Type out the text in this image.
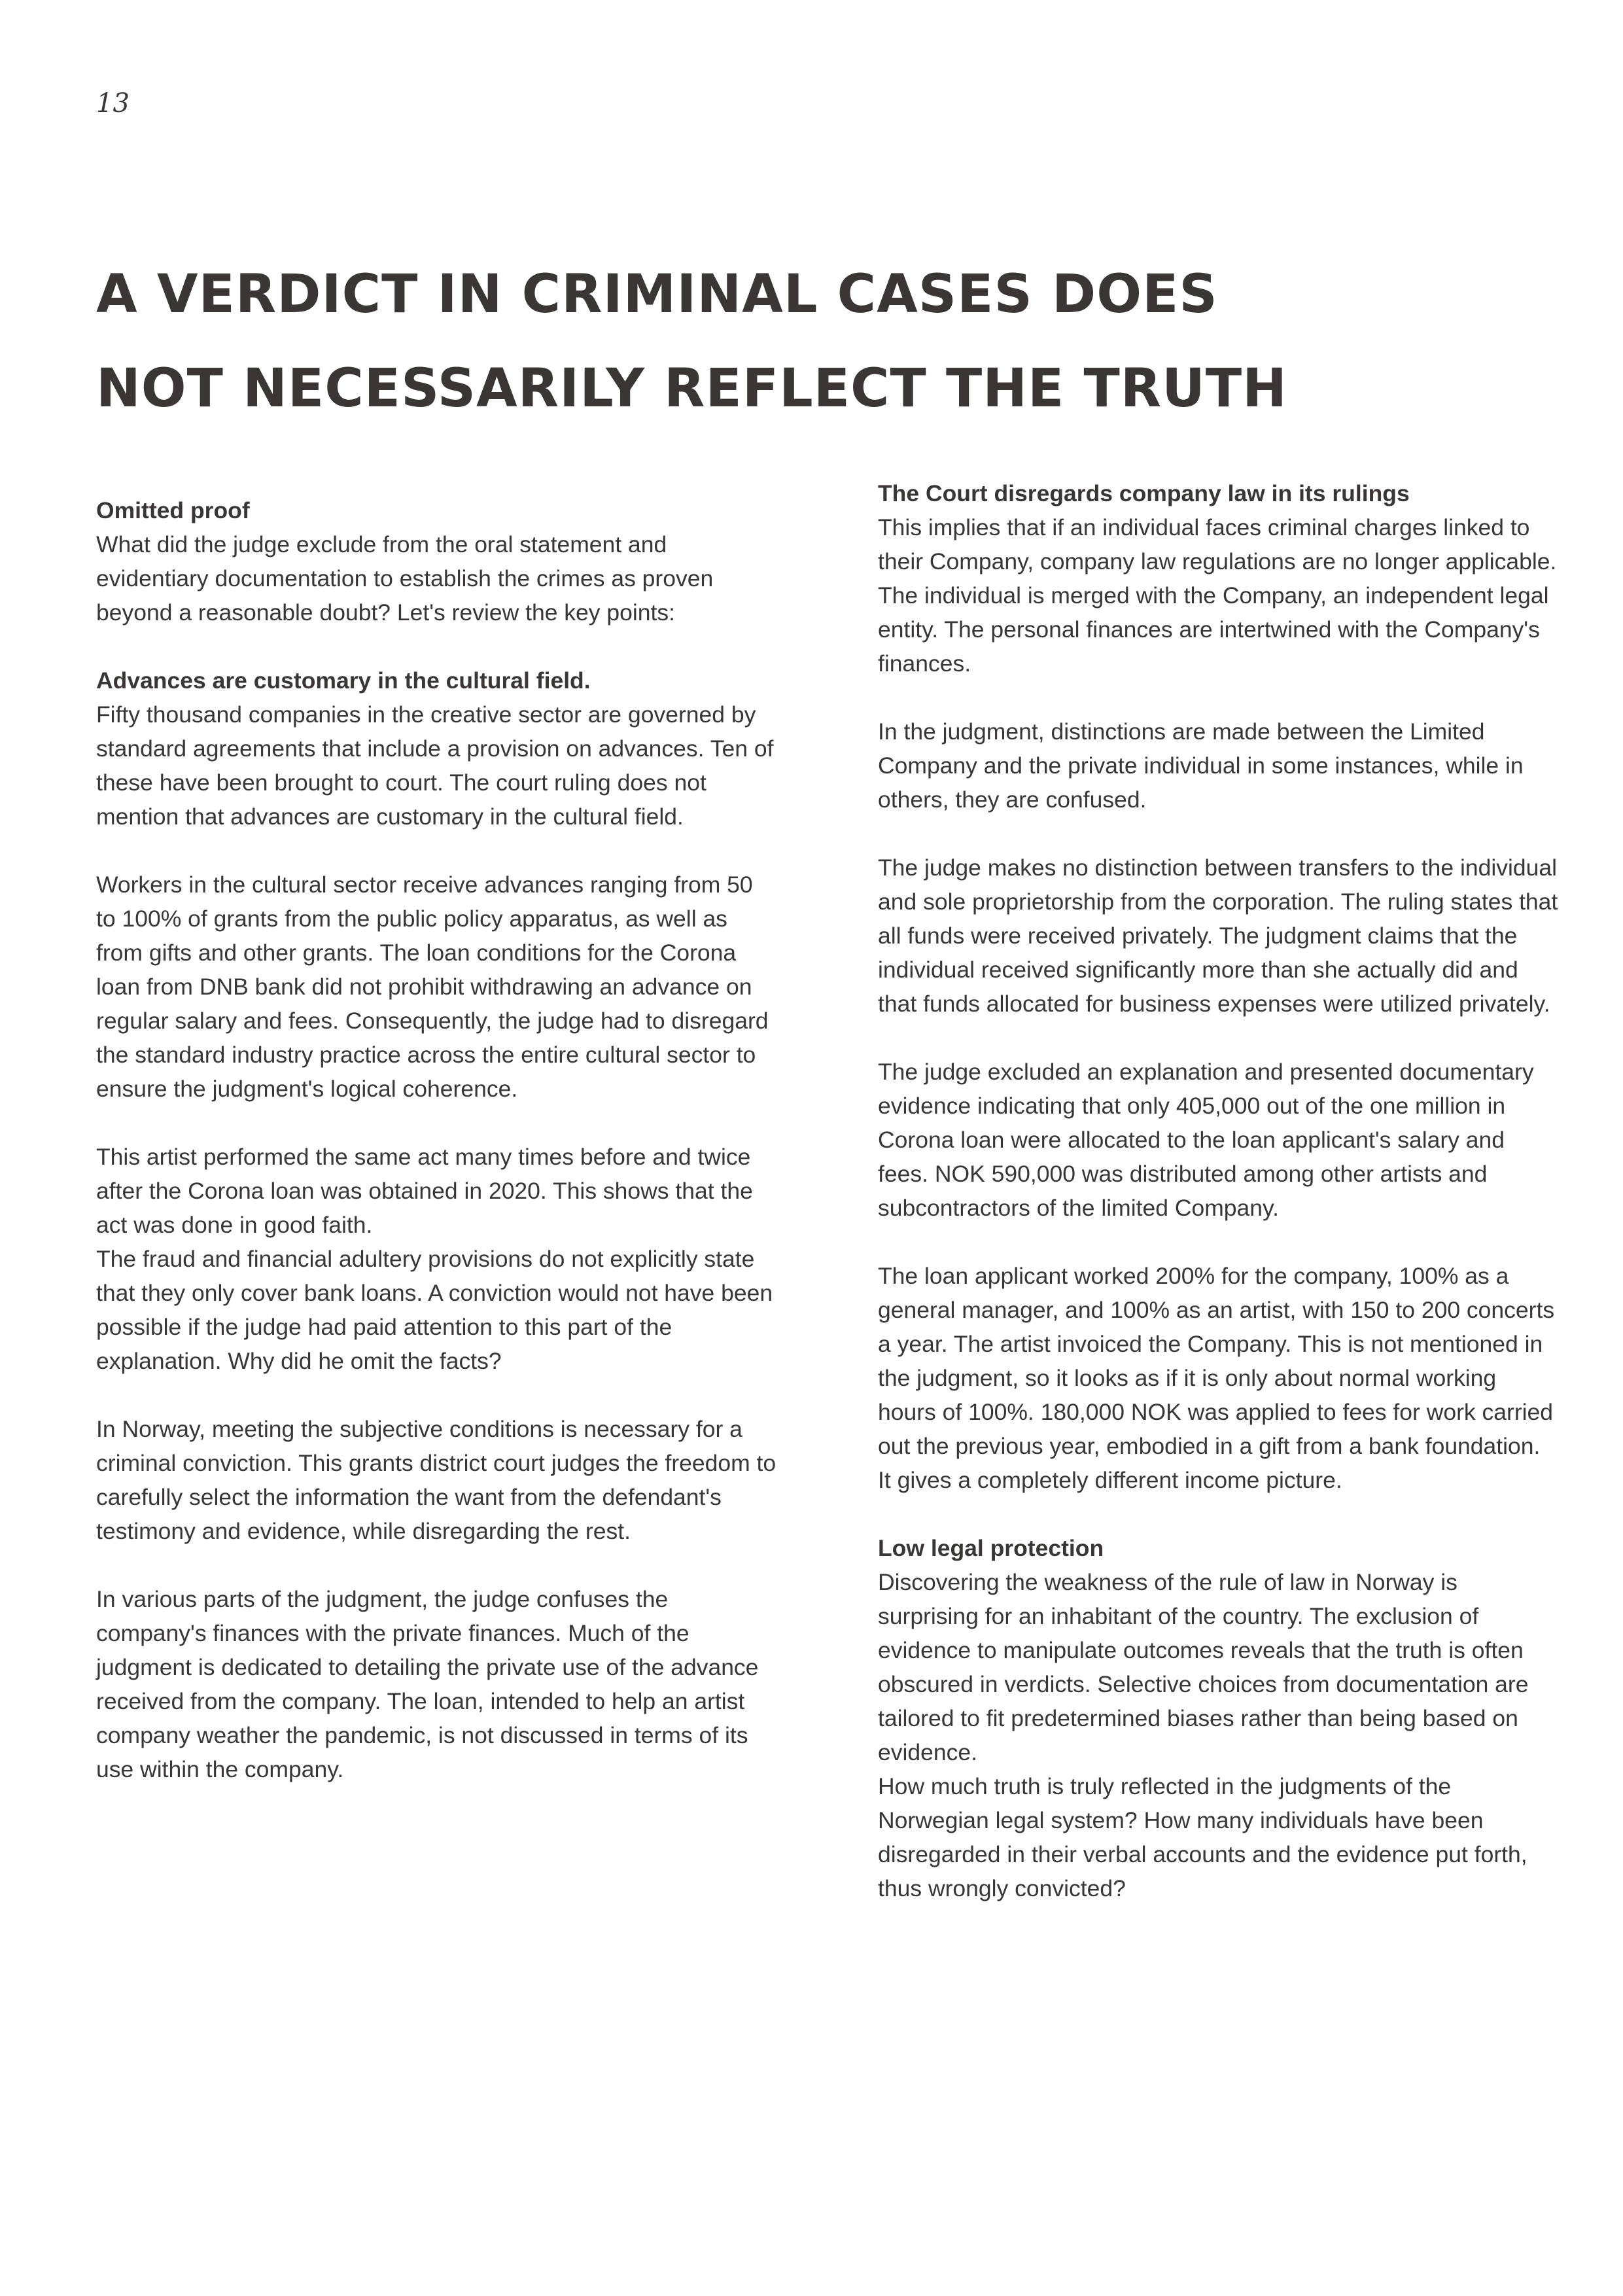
13
A VERDICT IN CRIMINAL CASES DOES
NOT NECESSARILY REFLECT THE TRUTH
Omitted proof
What did the judge exclude from the oral statement and evidentiary documentation to establish the crimes as proven beyond a reasonable doubt? Let's review the key points:
Advances are customary in the cultural field.
Fifty thousand companies in the creative sector are governed by standard agreements that include a provision on advances. Ten of these have been brought to court. The court ruling does not mention that advances are customary in the cultural field.
Workers in the cultural sector receive advances ranging from 50 to 100% of grants from the public policy apparatus, as well as from gifts and other grants. The loan conditions for the Corona loan from DNB bank did not prohibit withdrawing an advance on regular salary and fees. Consequently, the judge had to disregard the standard industry practice across the entire cultural sector to ensure the judgment's logical coherence.
This artist performed the same act many times before and twice after the Corona loan was obtained in 2020. This shows that the act was done in good faith.
The fraud and financial adultery provisions do not explicitly state that they only cover bank loans. A conviction would not have been possible if the judge had paid attention to this part of the explanation. Why did he omit the facts?
In Norway, meeting the subjective conditions is necessary for a criminal conviction. This grants district court judges the freedom to carefully select the information the want from the defendant's testimony and evidence, while disregarding the rest.
In various parts of the judgment, the judge confuses the company's finances with the private finances. Much of the judgment is dedicated to detailing the private use of the advance received from the company. The loan, intended to help an artist company weather the pandemic, is not discussed in terms of its use within the company.
The Court disregards company law in its rulings
This implies that if an individual faces criminal charges linked to their Company, company law regulations are no longer applicable. The individual is merged with the Company, an independent legal entity. The personal finances are intertwined with the Company's finances.
In the judgment, distinctions are made between the Limited Company and the private individual in some instances, while in others, they are confused.
The judge makes no distinction between transfers to the individual and sole proprietorship from the corporation. The ruling states that all funds were received privately. The judgment claims that the individual received significantly more than she actually did and that funds allocated for business expenses were utilized privately.
The judge excluded an explanation and presented documentary evidence indicating that only 405,000 out of the one million in Corona loan were allocated to the loan applicant's salary and fees. NOK 590,000 was distributed among other artists and subcontractors of the limited Company.
The loan applicant worked 200% for the company, 100% as a general manager, and 100% as an artist, with 150 to 200 concerts a year. The artist invoiced the Company. This is not mentioned in the judgment, so it looks as if it is only about normal working hours of 100%. 180,000 NOK was applied to fees for work carried out the previous year, embodied in a gift from a bank foundation. It gives a completely different income picture.
Low legal protection
Discovering the weakness of the rule of law in Norway is surprising for an inhabitant of the country. The exclusion of evidence to manipulate outcomes reveals that the truth is often obscured in verdicts. Selective choices from documentation are tailored to fit predetermined biases rather than being based on evidence.
How much truth is truly reflected in the judgments of the Norwegian legal system? How many individuals have been disregarded in their verbal accounts and the evidence put forth, thus wrongly convicted?
